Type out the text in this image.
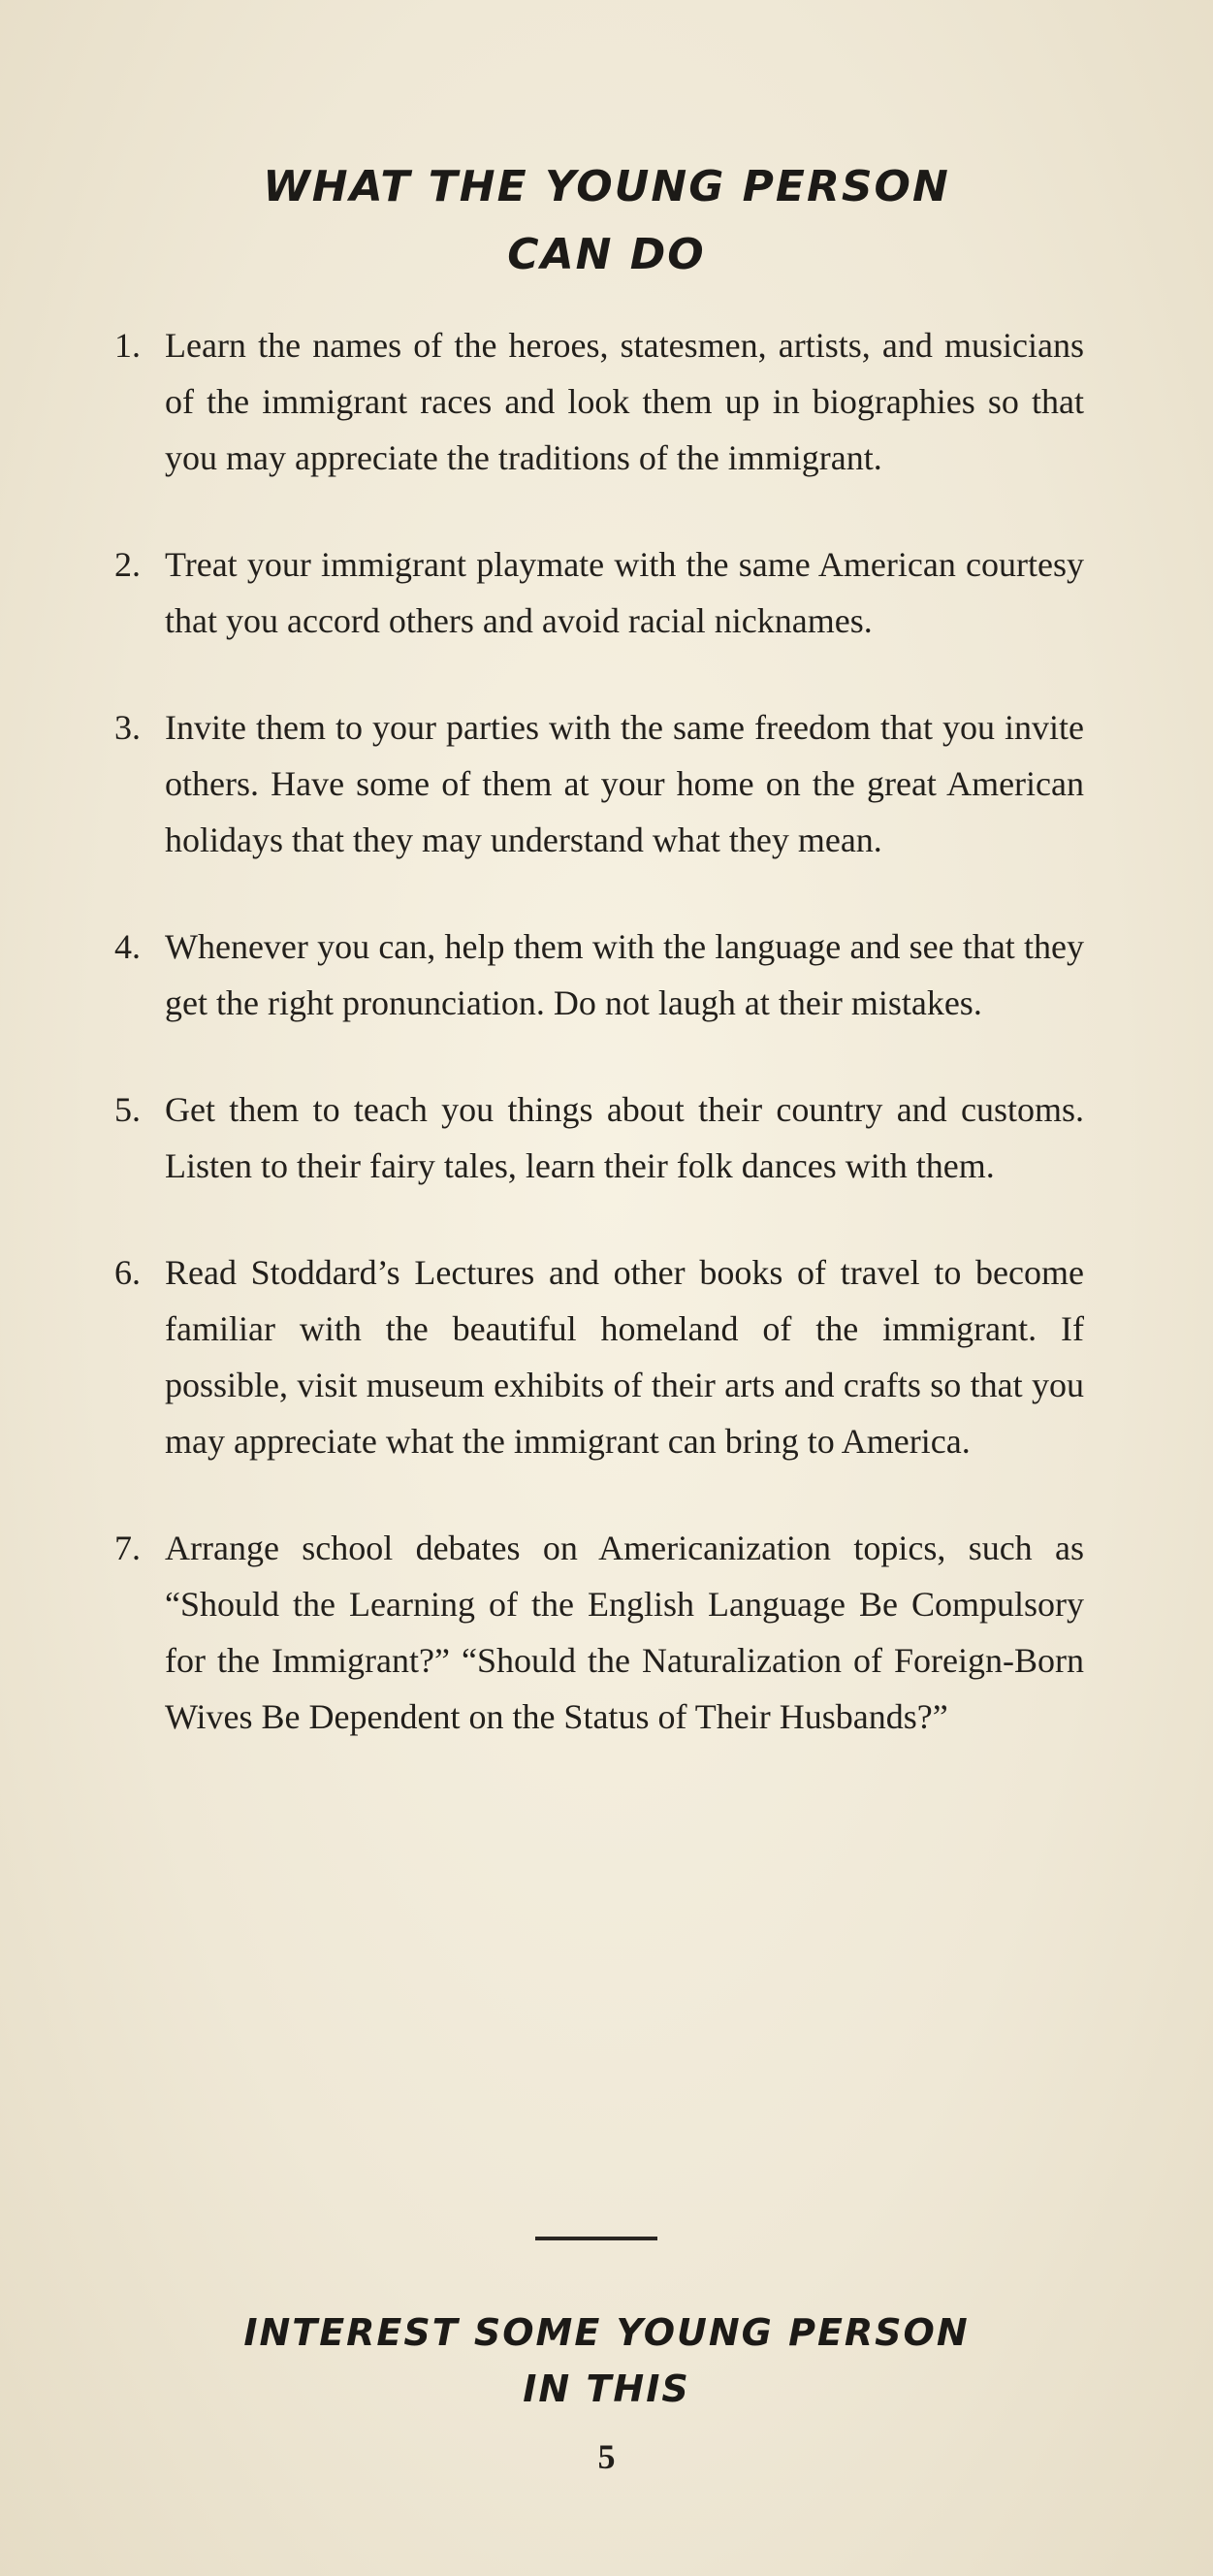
WHAT THE YOUNG PERSON
CAN DO
1. Learn the names of the heroes, statesmen, artists, and musicians of the immigrant races and look them up in biographies so that you may appreciate the traditions of the immigrant.
2. Treat your immigrant playmate with the same American courtesy that you accord others and avoid racial nicknames.
3. Invite them to your parties with the same freedom that you invite others. Have some of them at your home on the great American holidays that they may understand what they mean.
4. Whenever you can, help them with the language and see that they get the right pronunciation. Do not laugh at their mistakes.
5. Get them to teach you things about their country and customs. Listen to their fairy tales, learn their folk dances with them.
6. Read Stoddard’s Lectures and other books of travel to become familiar with the beautiful homeland of the immigrant. If possible, visit museum exhibits of their arts and crafts so that you may appreciate what the immigrant can bring to America.
7. Arrange school debates on Americanization topics, such as “Should the Learning of the English Language Be Compulsory for the Immigrant?” “Should the Naturalization of Foreign-Born Wives Be Dependent on the Status of Their Husbands?”
INTEREST SOME YOUNG PERSON
IN THIS
5
